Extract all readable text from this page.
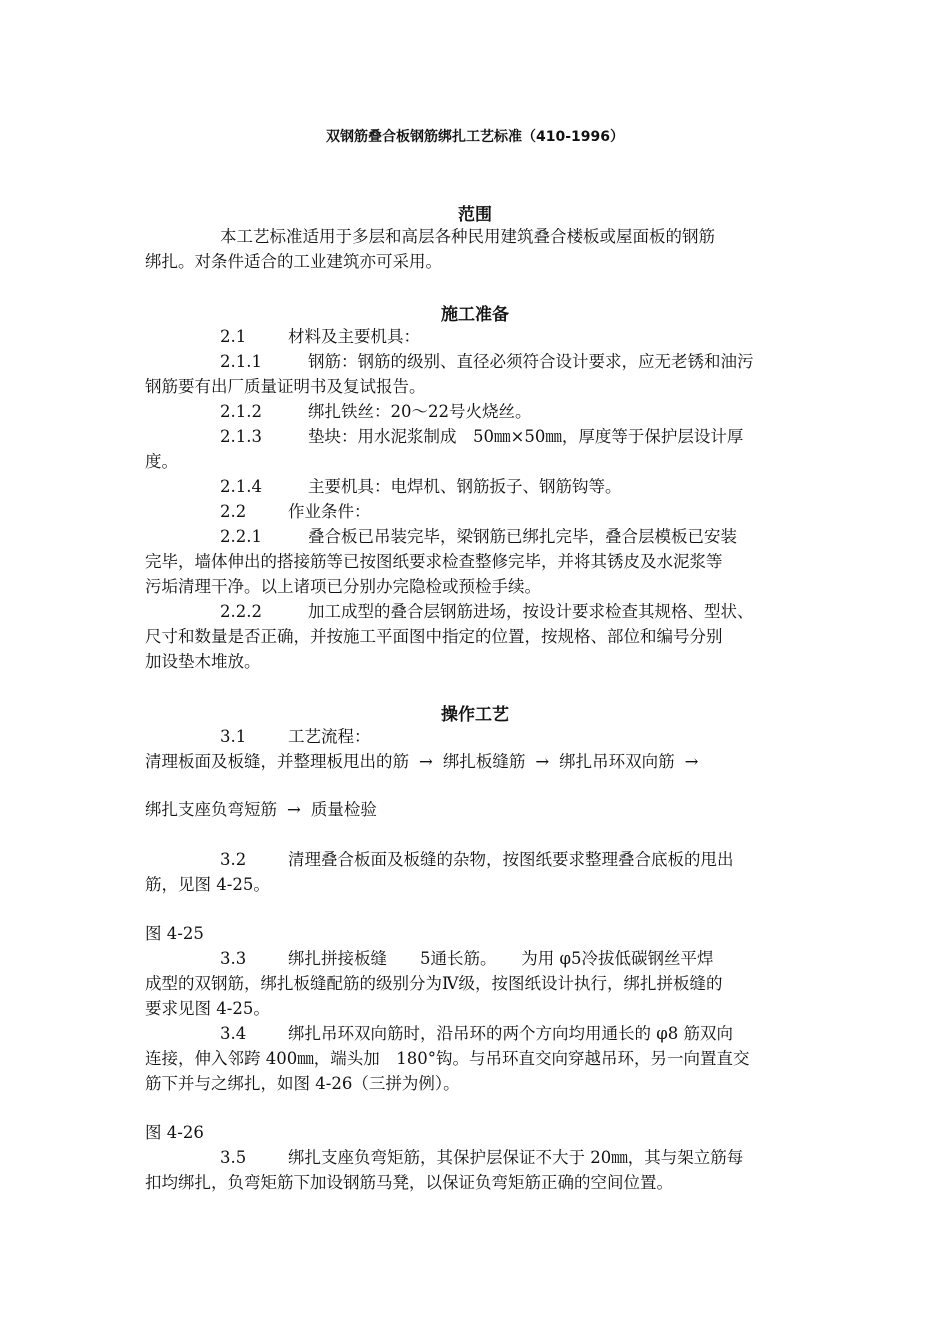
双钢筋叠合板钢筋绑扎工艺标准（410-1996）
范围
本工艺标准适用于多层和高层各种民用建筑叠合楼板或屋面板的钢筋
绑扎。对条件适合的工业建筑亦可采用。
施工准备
2.1	材料及主要机具：
2.1.1	钢筋：钢筋的级别、直径必须符合设计要求，应无老锈和油污
钢筋要有出厂质量证明书及复试报告。
2.1.2	绑扎铁丝：20～22号火烧丝。
2.1.3	垫块：用水泥浆制成　50㎜×50㎜，厚度等于保护层设计厚
度。
2.1.4	主要机具：电焊机、钢筋扳子、钢筋钩等。
2.2	作业条件：
2.2.1	叠合板已吊装完毕，梁钢筋已绑扎完毕，叠合层模板已安装
完毕，墙体伸出的搭接筋等已按图纸要求检查整修完毕，并将其锈皮及水泥浆等
污垢清理干净。以上诸项已分别办完隐检或预检手续。
2.2.2	加工成型的叠合层钢筋进场，按设计要求检查其规格、型状、
尺寸和数量是否正确，并按施工平面图中指定的位置，按规格、部位和编号分别
加设垫木堆放。
操作工艺
3.1	工艺流程：
清理板面及板缝，并整理板甩出的筋 → 绑扎板缝筋 → 绑扎吊环双向筋 →
绑扎支座负弯短筋 → 质量检验
3.2	清理叠合板面及板缝的杂物，按图纸要求整理叠合底板的甩出
筋，见图 4-25。
图 4-25
3.3	绑扎拼接板缝　　5通长筋。　　为用 φ5冷拔低碳钢丝平焊
成型的双钢筋，绑扎板缝配筋的级别分为Ⅳ级，按图纸设计执行，绑扎拼板缝的
要求见图 4-25。
3.4	绑扎吊环双向筋时，沿吊环的两个方向均用通长的 φ8 筋双向
连接，伸入邻跨 400㎜，端头加　180°钩。与吊环直交向穿越吊环，另一向置直交
筋下并与之绑扎，如图 4-26（三拼为例）。
图 4-26
3.5	绑扎支座负弯矩筋，其保护层保证不大于 20㎜，其与架立筋每
扣均绑扎，负弯矩筋下加设钢筋马凳，以保证负弯矩筋正确的空间位置。
